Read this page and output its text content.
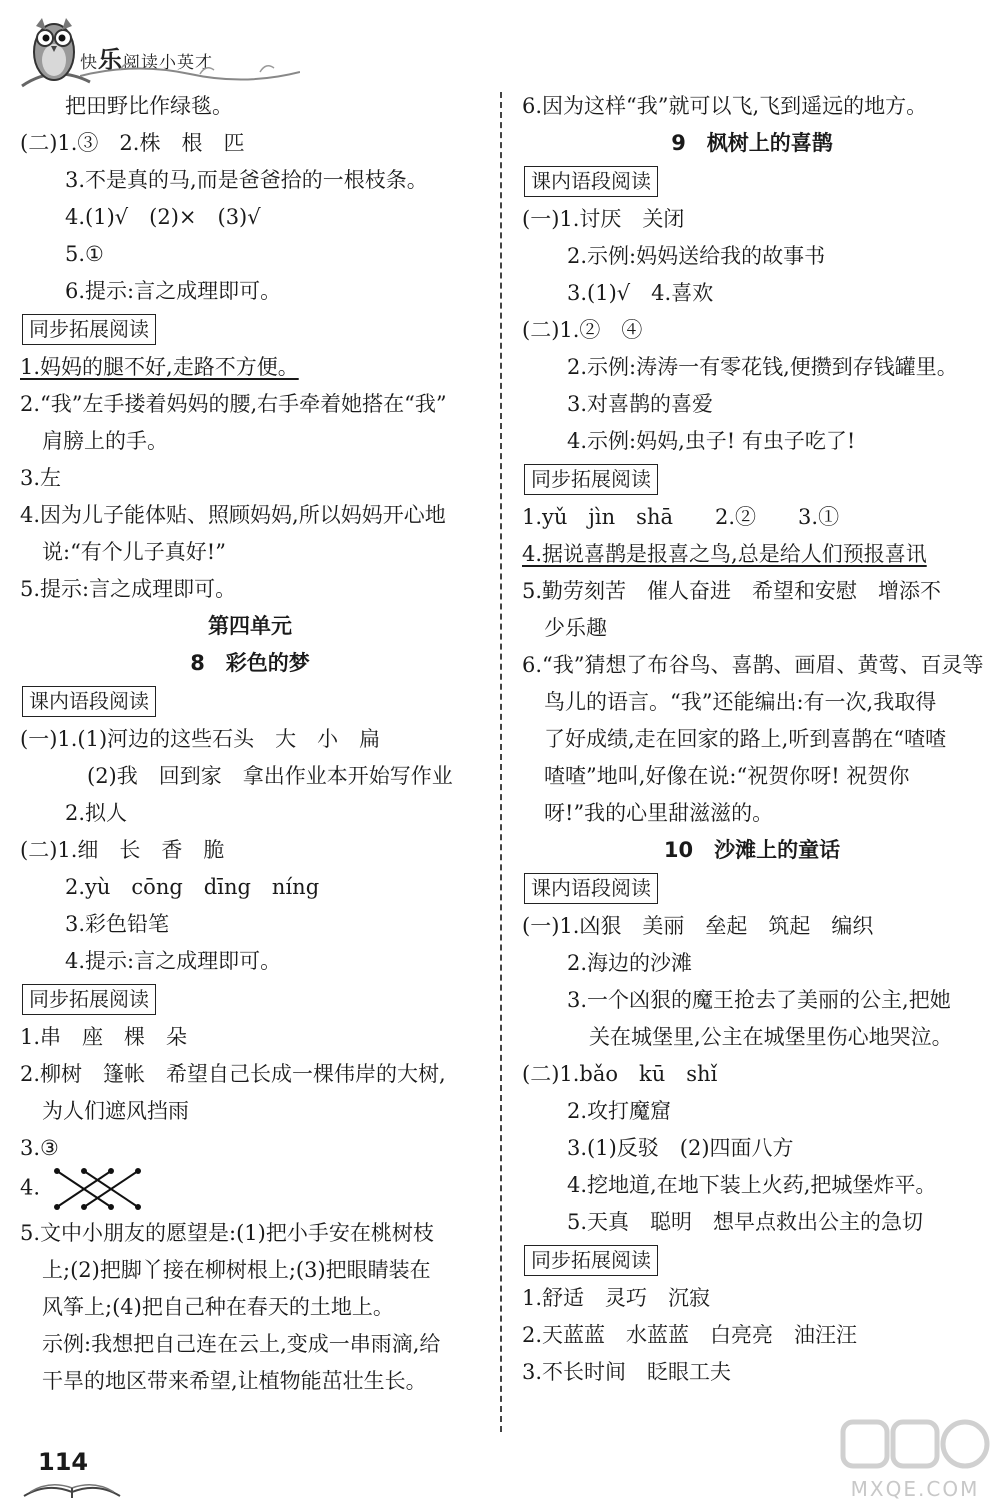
快乐阅读小英才
把田野比作绿毯。
(二)1.③　2.株　根　匹
3.不是真的马,而是爸爸拾的一根枝条。
4.(1)√　(2)×　(3)√
5.①
6.提示:言之成理即可。
同步拓展阅读
1.妈妈的腿不好,走路不方便。
2.“我”左手搂着妈妈的腰,右手牵着她搭在“我”
肩膀上的手。
3.左
4.因为儿子能体贴、照顾妈妈,所以妈妈开心地
说:“有个儿子真好!”
5.提示:言之成理即可。
第四单元
8　彩色的梦
课内语段阅读
(一)1.(1)河边的这些石头　大　小　扁
(2)我　回到家　拿出作业本开始写作业
2.拟人
(二)1.细　长　香　脆
2.yù　cōng　dīng　níng
3.彩色铅笔
4.提示:言之成理即可。
同步拓展阅读
1.串　座　棵　朵
2.柳树　篷帐　希望自己长成一棵伟岸的大树,
为人们遮风挡雨
3.③
4.
5.文中小朋友的愿望是:(1)把小手安在桃树枝
上;(2)把脚丫接在柳树根上;(3)把眼睛装在
风筝上;(4)把自己种在春天的土地上。
示例:我想把自己连在云上,变成一串雨滴,给
干旱的地区带来希望,让植物能茁壮生长。
6.因为这样“我”就可以飞,飞到遥远的地方。
9　枫树上的喜鹊
课内语段阅读
(一)1.讨厌　关闭
2.示例:妈妈送给我的故事书
3.(1)√　4.喜欢
(二)1.②　④
2.示例:涛涛一有零花钱,便攒到存钱罐里。
3.对喜鹊的喜爱
4.示例:妈妈,虫子! 有虫子吃了!
同步拓展阅读
1.yǔ　jìn　shā　　2.②　　3.①
4.据说喜鹊是报喜之鸟,总是给人们预报喜讯
5.勤劳刻苦　催人奋进　希望和安慰　增添不
少乐趣
6.“我”猜想了布谷鸟、喜鹊、画眉、黄莺、百灵等
鸟儿的语言。“我”还能编出:有一次,我取得
了好成绩,走在回家的路上,听到喜鹊在“喳喳
喳喳”地叫,好像在说:“祝贺你呀! 祝贺你
呀!”我的心里甜滋滋的。
10　沙滩上的童话
课内语段阅读
(一)1.凶狠　美丽　垒起　筑起　编织
2.海边的沙滩
3.一个凶狠的魔王抢去了美丽的公主,把她
关在城堡里,公主在城堡里伤心地哭泣。
(二)1.bǎo　kū　shǐ
2.攻打魔窟
3.(1)反驳　(2)四面八方
4.挖地道,在地下装上火药,把城堡炸平。
5.天真　聪明　想早点救出公主的急切
同步拓展阅读
1.舒适　灵巧　沉寂
2.天蓝蓝　水蓝蓝　白亮亮　油汪汪
3.不长时间　眨眼工夫
114
MXQE.COM
